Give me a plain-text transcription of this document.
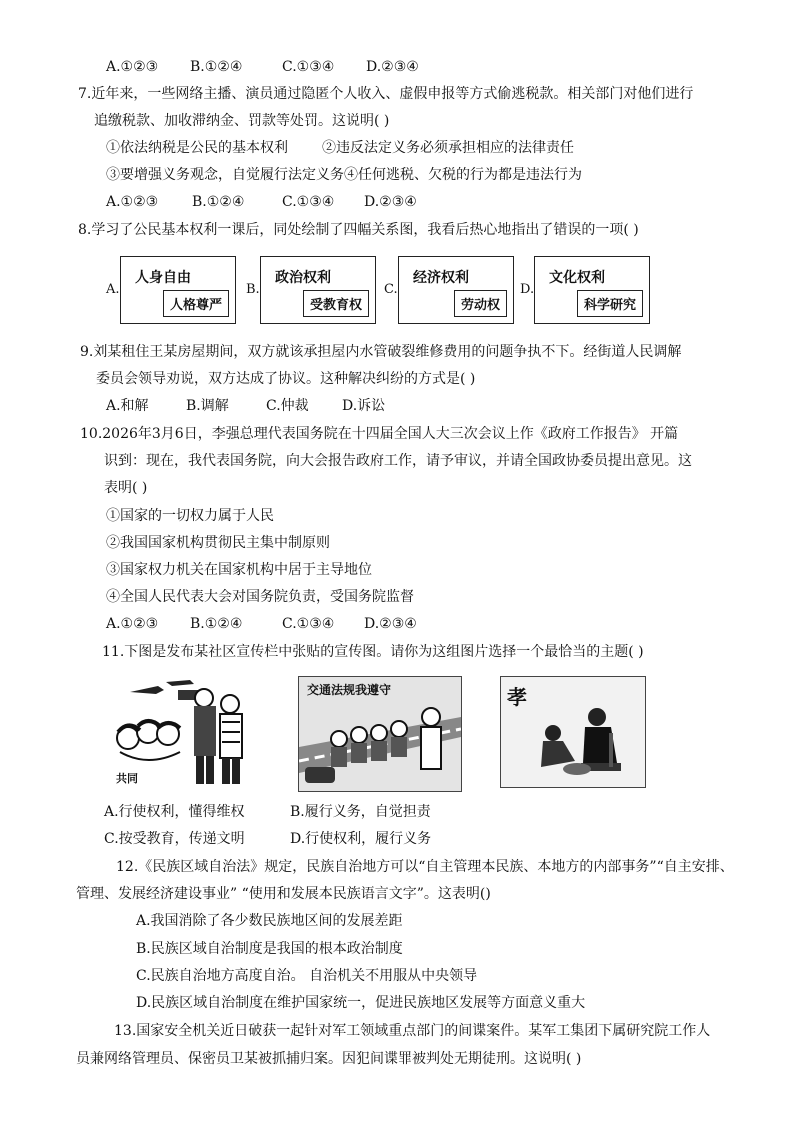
A.①②③ B.①②④	C.①③④ D.②③④
7.近年来，一些网络主播、演员通过隐匿个人收入、虚假申报等方式偷逃税款。相关部门对他们进行
追缴税款、加收滞纳金、罚款等处罚。这说明( )
①依法纳税是公民的基本权利 ②违反法定义务必须承担相应的法律责任
③要增强义务观念，自觉履行法定义务④任何逃税、欠税的行为都是违法行为
A.①②③ B.①②④	C.①③④ D.②③④
8.学习了公民基本权利一课后，同处绘制了四幅关系图，我看后热心地指出了错误的一项( )
A.
人身自由
人格尊严
B.
政治权利
受教育权
C.
经济权利
劳动权
D.
文化权利
科学研究
9.刘某租住王某房屋期间，双方就该承担屋内水管破裂维修费用的问题争执不下。经街道人民调解
委员会领导劝说，双方达成了协议。这种解决纠纷的方式是( )
A.和解	B.调解	C.仲裁 D.诉讼
10.2026年3月6日，李强总理代表国务院在十四届全国人大三次会议上作《政府工作报告》 开篇
识到：现在，我代表国务院，向大会报告政府工作，请予审议，并请全国政协委员提出意见。这
表明( )
①国家的一切权力属于人民
②我国国家机构贯彻民主集中制原则
③国家权力机关在国家机构中居于主导地位
④全国人民代表大会对国务院负责，受国务院监督
A.①②③ B.①②④	C.①③④ D.②③④
11.下图是发布某社区宣传栏中张贴的宣传图。请你为这组图片选择一个最恰当的主题( )
共同
交通法规我遵守	孝
A.行使权利，懂得维权	B.履行义务，自觉担责
C.按受教育，传递文明	D.行使权利，履行义务
12.《民族区域自治法》规定，民族自治地方可以“自主管理本民族、本地方的内部事务”“自主安排、
管理、发展经济建设事业” “使用和发展本民族语言文字”。这表明()
A.我国消除了各少数民族地区间的发展差距
B.民族区域自治制度是我国的根本政治制度
C.民族自治地方高度自治。 自治机关不用服从中央领导
D.民族区域自治制度在维护国家统一，促进民族地区发展等方面意义重大
13.国家安全机关近日破获一起针对军工领域重点部门的间谍案件。某军工集团下属研究院工作人
员兼网络管理员、保密员卫某被抓捕归案。因犯间谍罪被判处无期徒刑。这说明( )
